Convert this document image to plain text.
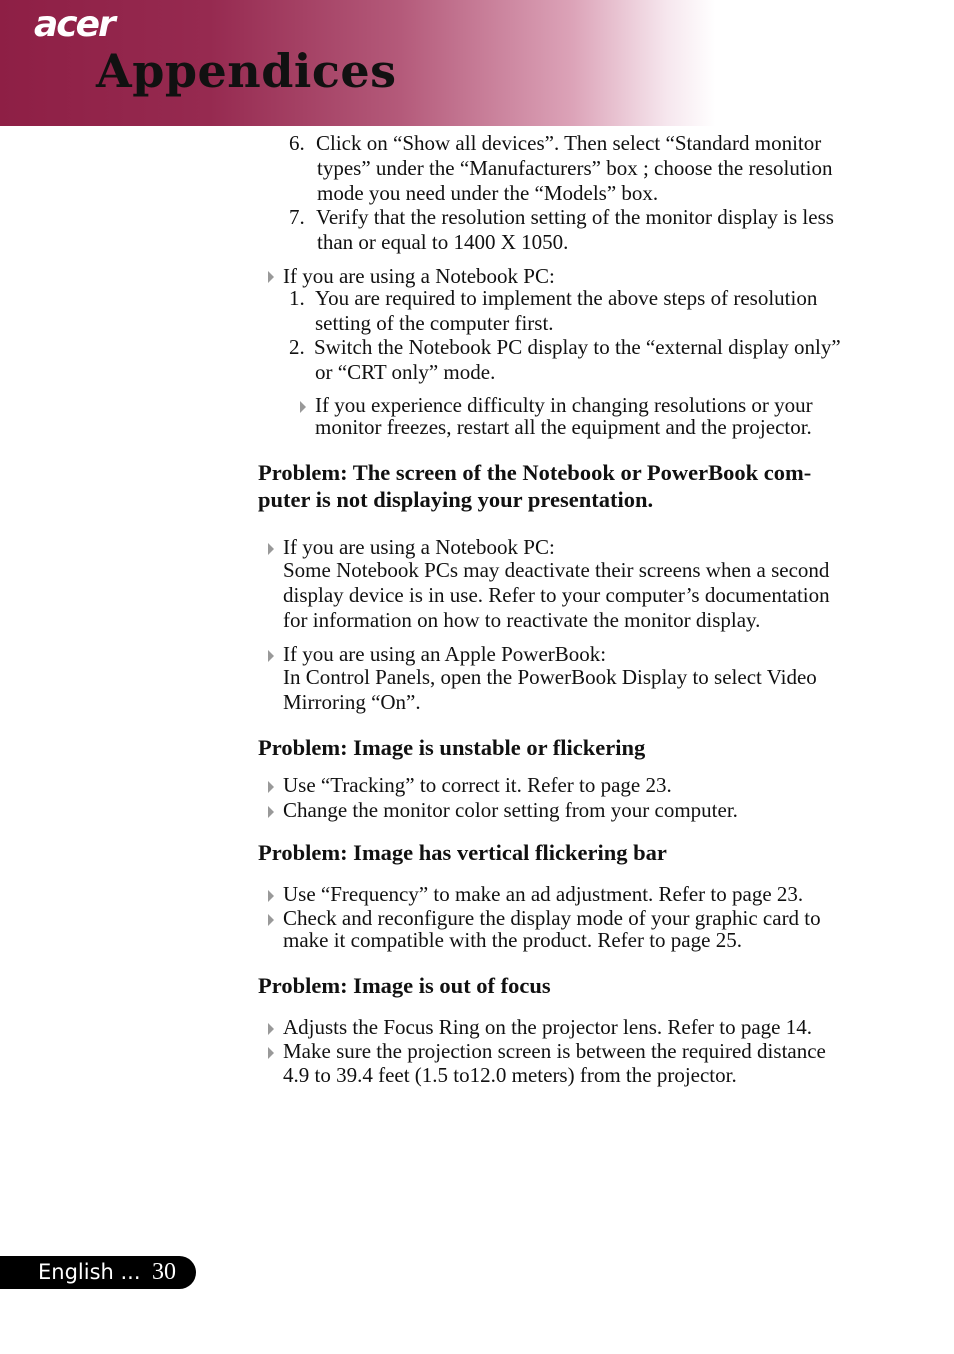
acer
Appendices
6. Click on “Show all devices”. Then select “Standard monitor
types” under the “Manufacturers” box ; choose the resolution
mode you need under the “Models” box.
7. Verify that the resolution setting of the monitor display is less
than or equal to 1400 X 1050.
If you are using a Notebook PC:
1. You are required to implement the above steps of resolution
setting of the computer first.
2. Switch the Notebook PC display to the “external display only”
or “CRT only” mode.
If you experience difficulty in changing resolutions or your
monitor freezes, restart all the equipment and the projector.
Problem: The screen of the Notebook or PowerBook com-
puter is not displaying your presentation.
If you are using a Notebook PC:
Some Notebook PCs may deactivate their screens when a second
display device is in use. Refer to your computer’s documentation
for information on how to reactivate the monitor display.
If you are using an Apple PowerBook:
In Control Panels, open the PowerBook Display to select Video
Mirroring “On”.
Problem: Image is unstable or flickering
Use “Tracking” to correct it. Refer to page 23.
Change the monitor color setting from your computer.
Problem: Image has vertical flickering bar
Use “Frequency” to make an ad adjustment. Refer to page 23.
Check and reconfigure the display mode of your graphic card to
make it compatible with the product. Refer to page 25.
Problem: Image is out of focus
Adjusts the Focus Ring on the projector lens. Refer to page 14.
Make sure the projection screen is between the required distance
4.9 to 39.4 feet (1.5 to12.0 meters) from the projector.
English ... 30
